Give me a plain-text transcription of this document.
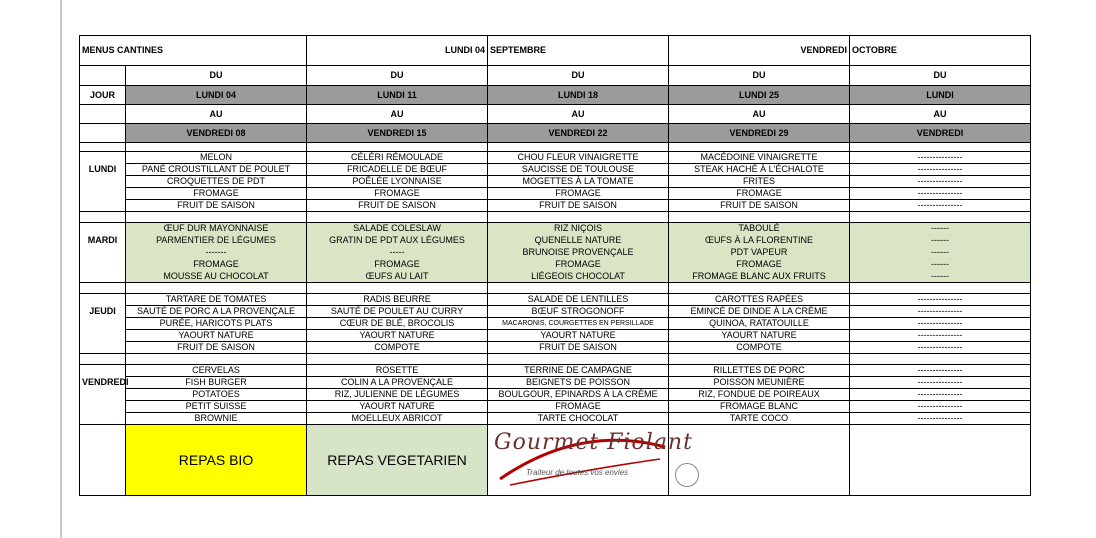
MENUS CANTINES		LUNDI 04	SEPTEMBRE	VENDREDI	OCTOBRE
	DU	DU	DU	DU	DU
JOUR	LUNDI 04	LUNDI 11	LUNDI 18	LUNDI 25	LUNDI
	AU	AU	AU	AU	AU
	VENDREDI 08	VENDREDI 15	VENDREDI 22	VENDREDI 29	VENDREDI

	MELON	CÉLÉRI RÉMOULADE	CHOU FLEUR VINAIGRETTE	MACÉDOINE VINAIGRETTE	---------------
LUNDI	PANÉ CROUSTILLANT DE POULET	FRICADELLE DE BŒUF	SAUCISSE DE TOULOUSE	STEAK HACHÉ À L'ÉCHALOTE	---------------
	CROQUETTES DE PDT	POÊLÉE LYONNAISE	MOGETTES À LA TOMATE	FRITES	---------------
	FROMAGE	FROMAGE	FROMAGE	FROMAGE	---------------
	FRUIT DE SAISON	FRUIT DE SAISON	FRUIT DE SAISON	FRUIT DE SAISON	---------------

	ŒUF DUR MAYONNAISE	SALADE COLESLAW	RIZ NIÇOIS	TABOULÉ	------
MARDI	PARMENTIER DE LÉGUMES	GRATIN DE PDT AUX LÉGUMES	QUENELLE NATURE	ŒUFS À LA FLORENTINE	------
	-------	-----	BRUNOISE PROVENÇALE	PDT VAPEUR	------
	FROMAGE	FROMAGE	FROMAGE	FROMAGE	------
	MOUSSE AU CHOCOLAT	ŒUFS AU LAIT	LIÉGEOIS CHOCOLAT	FROMAGE BLANC AUX FRUITS	------

	TARTARE DE TOMATES	RADIS BEURRE	SALADE DE LENTILLES	CAROTTES RAPÉES	---------------
JEUDI	SAUTÉ DE PORC A LA PROVENÇALE	SAUTÉ DE POULET AU CURRY	BŒUF STROGONOFF	EMINCÉ DE DINDE À LA CRÈME	---------------
	PURÉE, HARICOTS PLATS	CŒUR DE BLÉ, BROCOLIS	MACARONIS, COURGETTES EN PERSILLADE	QUINOA, RATATOUILLE	---------------
	YAOURT NATURE	YAOURT NATURE	YAOURT NATURE	YAOURT NATURE	---------------
	FRUIT DE SAISON	COMPOTE	FRUIT DE SAISON	COMPOTE	---------------

	CERVELAS	ROSETTE	TERRINE DE CAMPAGNE	RILLETTES DE PORC	---------------
VENDREDI	FISH BURGER	COLIN A LA PROVENÇALE	BEIGNETS DE POISSON	POISSON MEUNIÈRE	---------------
	POTATOES	RIZ, JULIENNE DE LÉGUMES	BOULGOUR, EPINARDS À LA CRÈME	RIZ, FONDUE DE POIREAUX	---------------
	PETIT SUISSE	YAOURT NATURE	FROMAGE	FROMAGE BLANC	---------------
	BROWNIE	MOELLEUX ABRICOT	TARTE CHOCOLAT	TARTE COCO	---------------
	REPAS BIO	REPAS VEGETARIEN	Gourmet Fiolant
Traiteur de toutes vos envies		
